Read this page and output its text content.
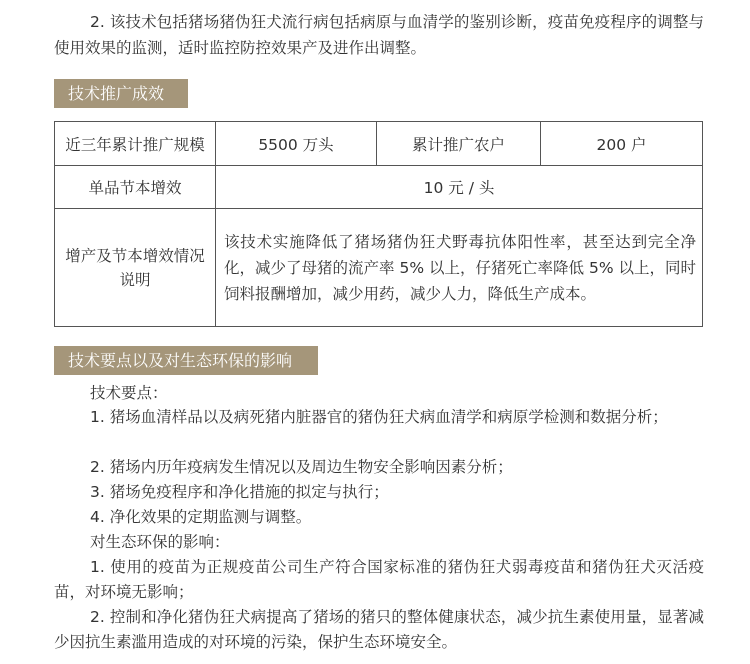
2. 该技术包括猪场猪伪狂犬流行病包括病原与血清学的鉴别诊断，疫苗免疫程序的调整与使用效果的监测，适时监控防控效果产及进作出调整。

技术推广成效
近三年累计推广规模	5500 万头	累计推广农户	200 户
单品节本增效	10 元 / 头		
增产及节本增效情况说明	该技术实施降低了猪场猪伪狂犬野毒抗体阳性率，甚至达到完全净化，减少了母猪的流产率 5% 以上，仔猪死亡率降低 5% 以上，同时饲料报酬增加，减少用药，减少人力，降低生产成本。		
技术要点以及对生态环保的影响

技术要点：

1. 猪场血清样品以及病死猪内脏器官的猪伪狂犬病血清学和病原学检测和数据分析；

2. 猪场内历年疫病发生情况以及周边生物安全影响因素分析；

3. 猪场免疫程序和净化措施的拟定与执行；

4. 净化效果的定期监测与调整。

对生态环保的影响：

1. 使用的疫苗为正规疫苗公司生产符合国家标准的猪伪狂犬弱毒疫苗和猪伪狂犬灭活疫苗，对环境无影响；

2. 控制和净化猪伪狂犬病提高了猪场的猪只的整体健康状态，减少抗生素使用量，显著减少因抗生素滥用造成的对环境的污染，保护生态环境安全。
